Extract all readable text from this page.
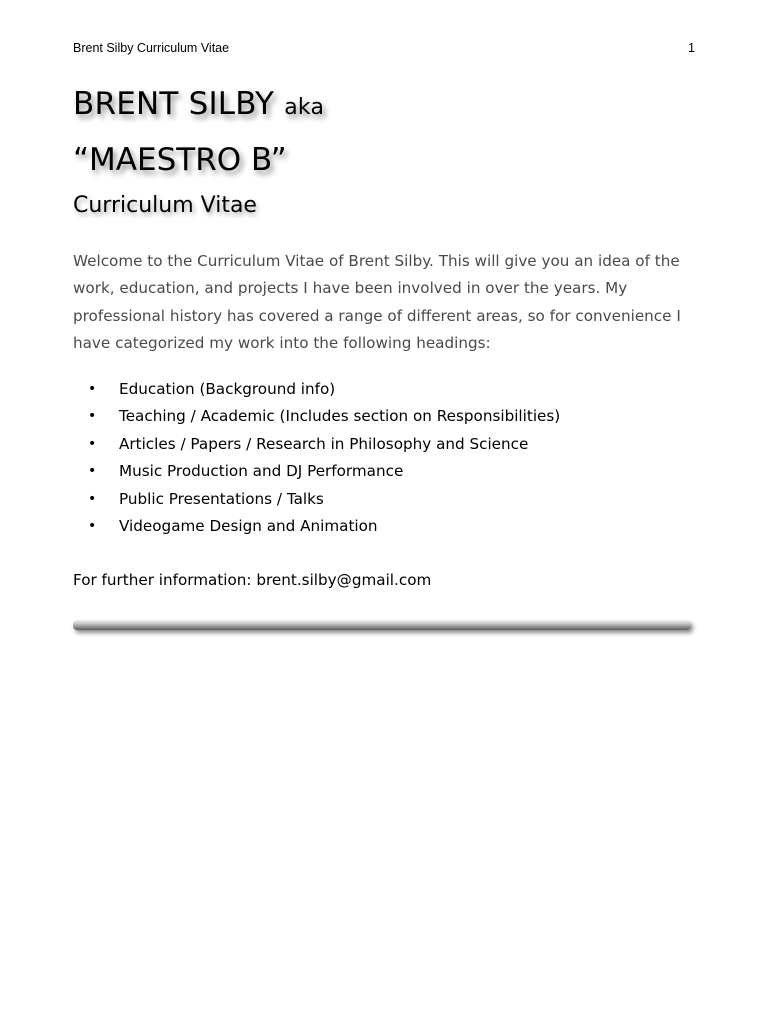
Brent Silby Curriculum Vitae	1
BRENT SILBY aka
“MAESTRO B”
Curriculum Vitae

Welcome to the Curriculum Vitae of Brent Silby. This will give you an idea of the work, education, and projects I have been involved in over the years. My professional history has covered a range of different areas, so for convenience I have categorized my work into the following headings:

• Education (Background info)
• Teaching / Academic (Includes section on Responsibilities)
• Articles / Papers / Research in Philosophy and Science
• Music Production and DJ Performance
• Public Presentations / Talks
• Videogame Design and Animation
For further information: brent.silby@gmail.com
